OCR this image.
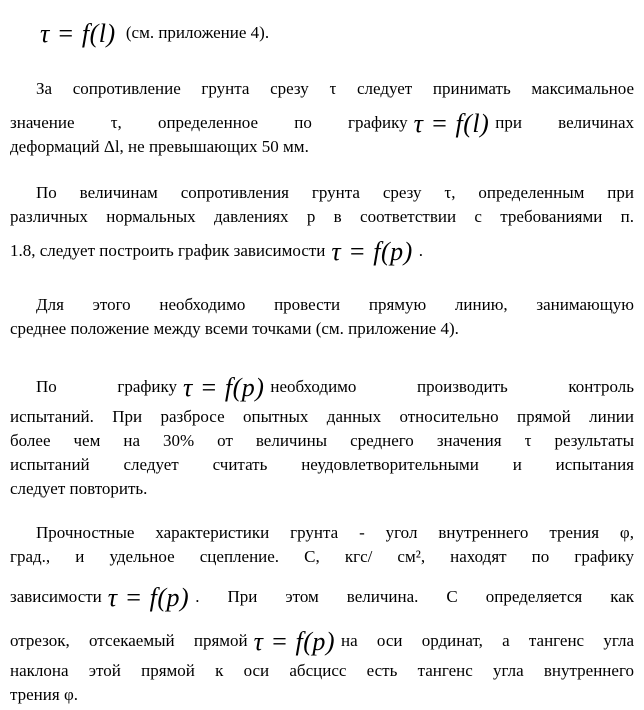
τ = f(l) (см. приложение 4).
За сопротивление грунта срезу τ следует принимать максимальное
значение τ, определенное по графику τ = f(l) при величинах
деформаций Δl, не превышающих 50 мм.
По величинам сопротивления грунта срезу τ, определенным при
различных нормальных давлениях р в соответствии с требованиями п.
1.8, следует построить график зависимости τ = f(p) .
Для этого необходимо провести прямую линию, занимающую
среднее положение между всеми точками (см. приложение 4).
По графику τ = f(p) необходимо производить контроль
испытаний. При разбросе опытных данных относительно прямой линии
более чем на 30% от величины среднего значения τ результаты
испытаний следует считать неудовлетворительными и испытания
следует повторить.
Прочностные характеристики грунта - угол внутреннего трения φ,
град., и удельное сцепление. С, кгс/ см², находят по графику
зависимости τ = f(p) . При этом величина. С определяется как
отрезок, отсекаемый прямой τ = f(p) на оси ординат, а тангенс угла
наклона этой прямой к оси абсцисс есть тангенс угла внутреннего
трения φ.
